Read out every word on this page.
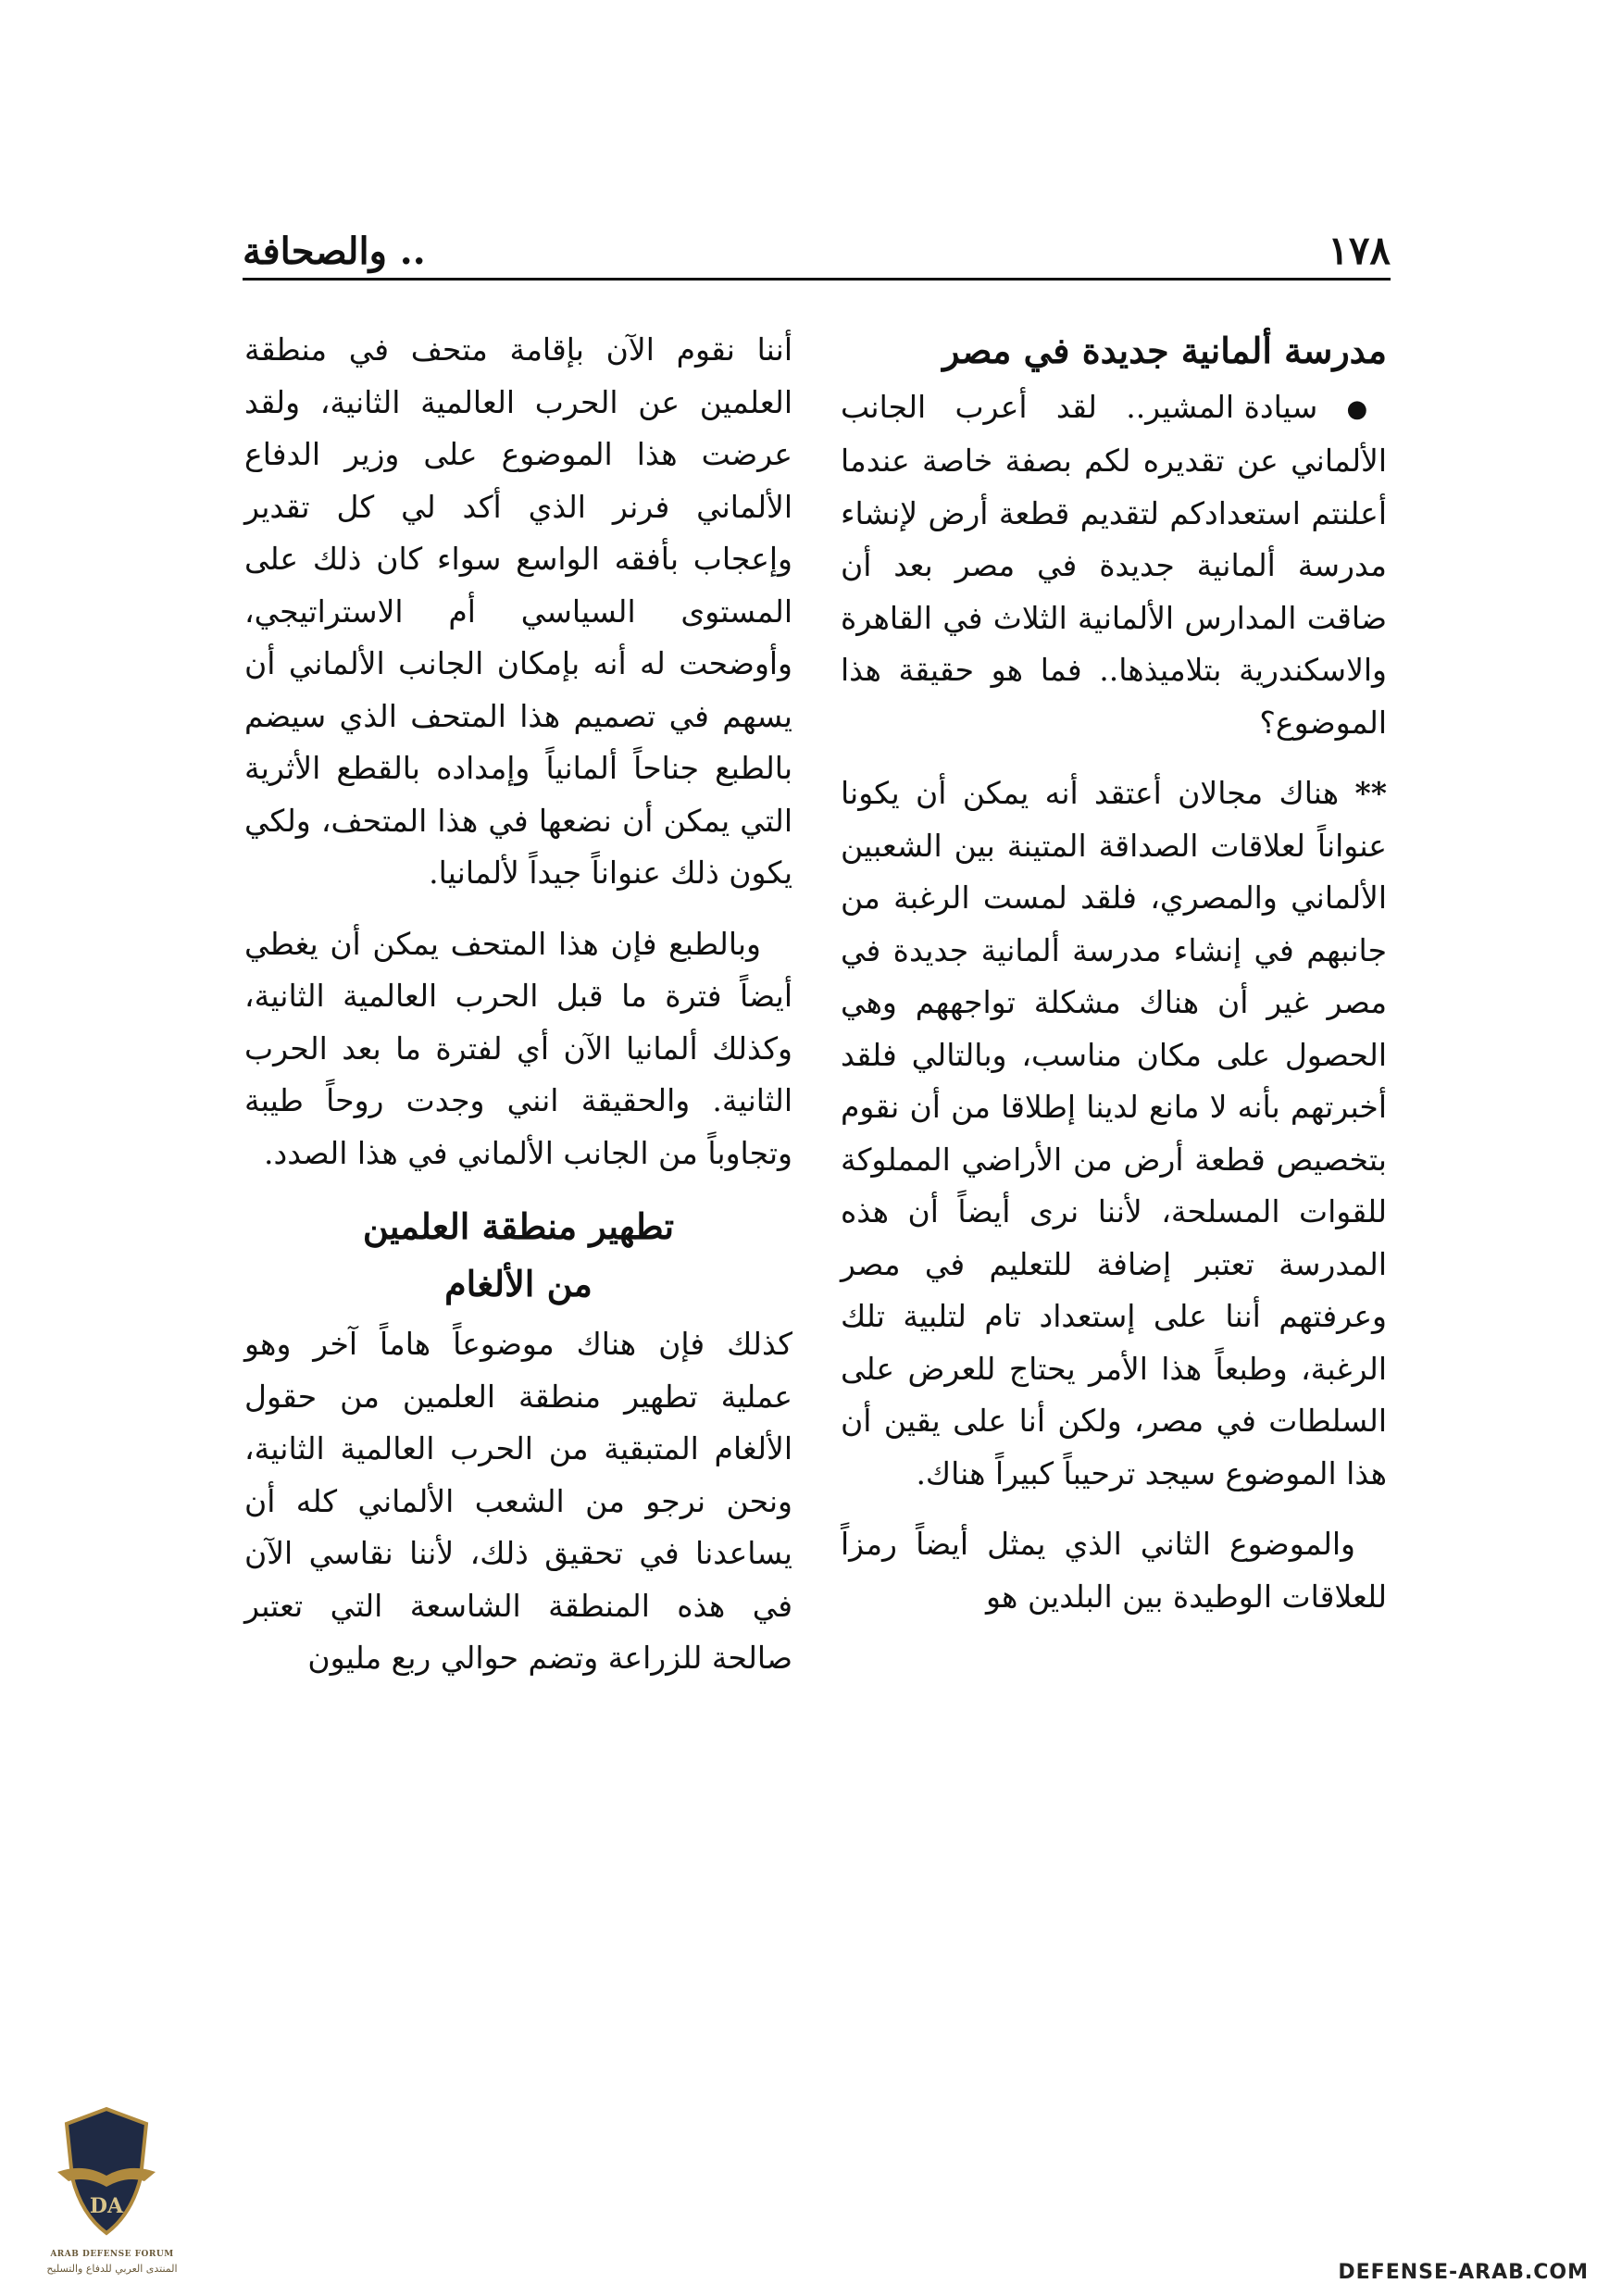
١٧٨
.. والصحافة
مدرسة ألمانية جديدة في مصر

● سيادة المشير.. لقد أعرب الجانب الألماني عن تقديره لكم بصفة خاصة عندما أعلنتم استعدادكم لتقديم قطعة أرض لإنشاء مدرسة ألمانية جديدة في مصر بعد أن ضاقت المدارس الألمانية الثلاث في القاهرة والاسكندرية بتلاميذها.. فما هو حقيقة هذا الموضوع؟

** هناك مجالان أعتقد أنه يمكن أن يكونا عنواناً لعلاقات الصداقة المتينة بين الشعبين الألماني والمصري، فلقد لمست الرغبة من جانبهم في إنشاء مدرسة ألمانية جديدة في مصر غير أن هناك مشكلة تواجههم وهي الحصول على مكان مناسب، وبالتالي فلقد أخبرتهم بأنه لا مانع لدينا إطلاقا من أن نقوم بتخصيص قطعة أرض من الأراضي المملوكة للقوات المسلحة، لأننا نرى أيضاً أن هذه المدرسة تعتبر إضافة للتعليم في مصر وعرفتهم أننا على إستعداد تام لتلبية تلك الرغبة، وطبعاً هذا الأمر يحتاج للعرض على السلطات في مصر، ولكن أنا على يقين أن هذا الموضوع سيجد ترحيباً كبيراً هناك.

والموضوع الثاني الذي يمثل أيضاً رمزاً للعلاقات الوطيدة بين البلدين هو

أننا نقوم الآن بإقامة متحف في منطقة العلمين عن الحرب العالمية الثانية، ولقد عرضت هذا الموضوع على وزير الدفاع الألماني فرنر الذي أكد لي كل تقدير وإعجاب بأفقه الواسع سواء كان ذلك على المستوى السياسي أم الاستراتيجي، وأوضحت له أنه بإمكان الجانب الألماني أن يسهم في تصميم هذا المتحف الذي سيضم بالطبع جناحاً ألمانياً وإمداده بالقطع الأثرية التي يمكن أن نضعها في هذا المتحف، ولكي يكون ذلك عنواناً جيداً لألمانيا.

وبالطبع فإن هذا المتحف يمكن أن يغطي أيضاً فترة ما قبل الحرب العالمية الثانية، وكذلك ألمانيا الآن أي لفترة ما بعد الحرب الثانية. والحقيقة انني وجدت روحاً طيبة وتجاوباً من الجانب الألماني في هذا الصدد.

تطهير منطقة العلمين
من الألغام

كذلك فإن هناك موضوعاً هاماً آخر وهو عملية تطهير منطقة العلمين من حقول الألغام المتبقية من الحرب العالمية الثانية، ونحن نرجو من الشعب الألماني كله أن يساعدنا في تحقيق ذلك، لأننا نقاسي الآن في هذه المنطقة الشاسعة التي تعتبر صالحة للزراعة وتضم حوالي ربع مليون

DA
ARAB DEFENSE FORUM
المنتدى العربي للدفاع والتسليح	DEFENSE-ARAB.COM
